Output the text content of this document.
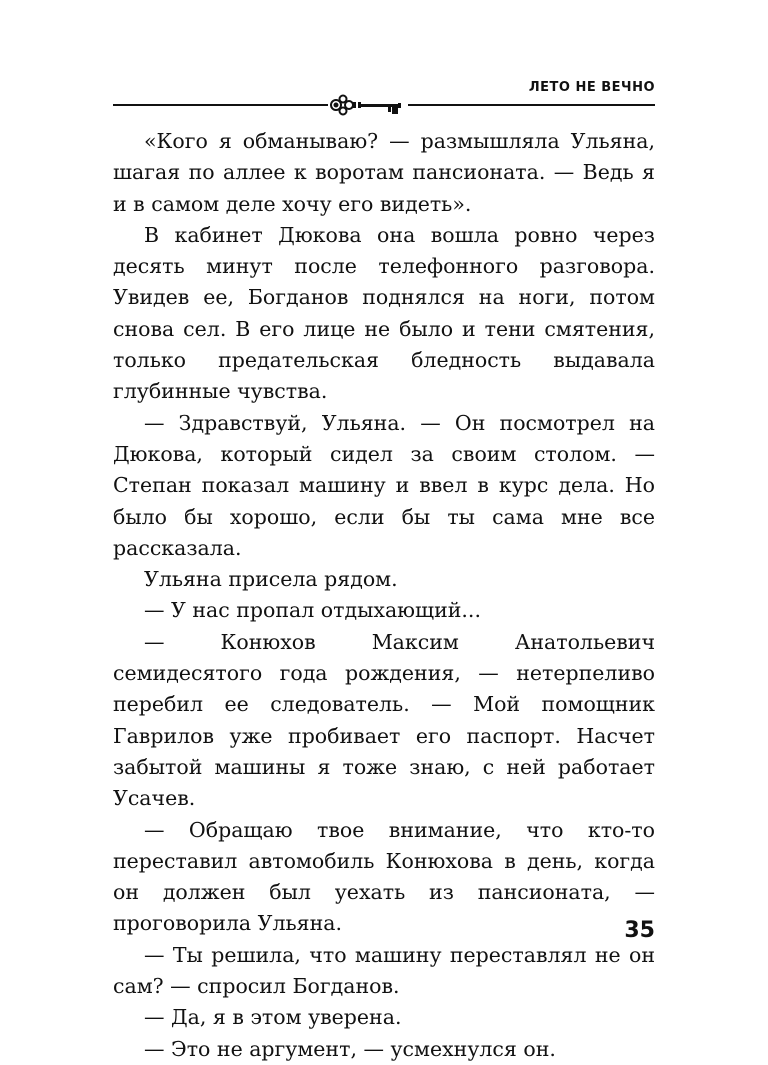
ЛЕТО НЕ ВЕЧНО

«Кого я обманываю? — размышляла Ульяна, шагая по аллее к воротам пансионата. — Ведь я и в самом деле хочу его видеть».

В кабинет Дюкова она вошла ровно через десять минут после телефонного разговора. Увидев ее, Богданов поднялся на ноги, потом снова сел. В его лице не было и тени смятения, только предательская бледность выдавала глубинные чувства.

— Здравствуй, Ульяна. — Он посмотрел на Дюкова, который сидел за своим столом. — Степан показал машину и ввел в курс дела. Но было бы хорошо, если бы ты сама мне все рассказала.

Ульяна присела рядом.

— У нас пропал отдыхающий...

— Конюхов Максим Анатольевич семидесятого года рождения, — нетерпеливо перебил ее следователь. — Мой помощник Гаврилов уже пробивает его паспорт. Насчет забытой машины я тоже знаю, с ней работает Усачев.

— Обращаю твое внимание, что кто-то переставил автомобиль Конюхова в день, когда он должен был уехать из пансионата, — проговорила Ульяна.

— Ты решила, что машину переставлял не он сам? — спросил Богданов.

— Да, я в этом уверена.

— Это не аргумент, — усмехнулся он.

35
